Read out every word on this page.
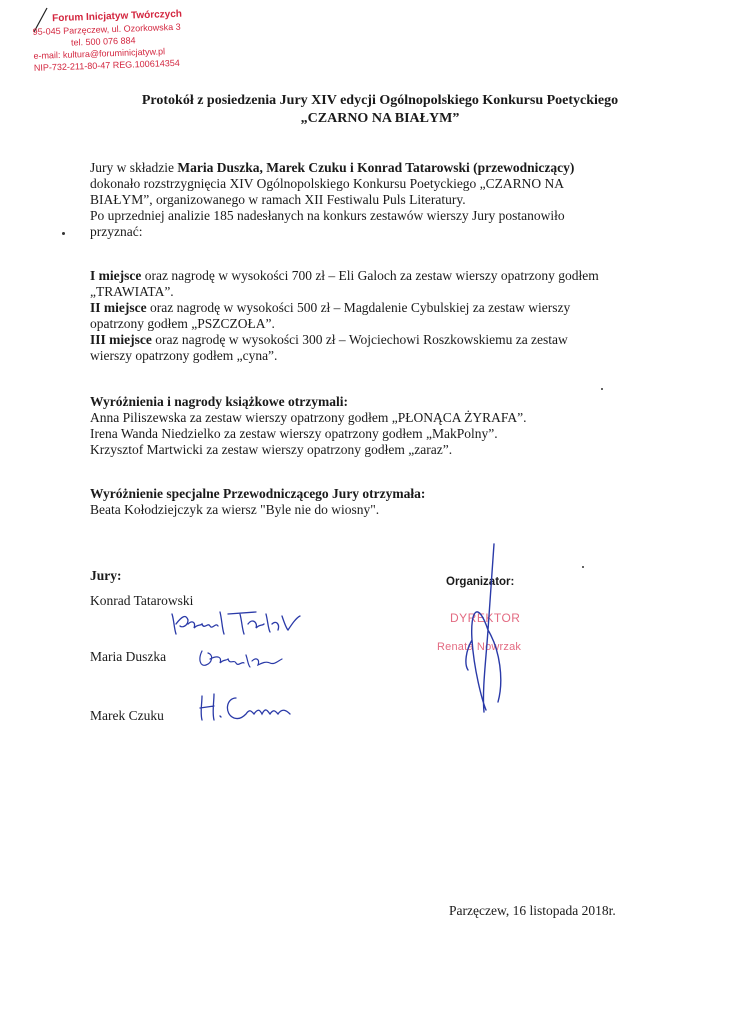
Forum Inicjatyw Twórczych
95-045 Parzęczew, ul. Ozorkowska 3
tel. 500 076 884
e-mail: kultura@foruminicjatyw.pl
NIP-732-211-80-47 REG.100614354
Protokół z posiedzenia Jury XIV edycji Ogólnopolskiego Konkursu Poetyckiego
„CZARNO NA BIAŁYM”

Jury w składzie Maria Duszka, Marek Czuku i Konrad Tatarowski (przewodniczący)

dokonało rozstrzygnięcia XIV Ogólnopolskiego Konkursu Poetyckiego „CZARNO NA

BIAŁYM”, organizowanego w ramach XII Festiwalu Puls Literatury.

Po uprzedniej analizie 185 nadesłanych na konkurs zestawów wierszy Jury postanowiło

przyznać:

I miejsce oraz nagrodę w wysokości 700 zł – Eli Galoch za zestaw wierszy opatrzony godłem

„TRAWIATA”.

II miejsce oraz nagrodę w wysokości 500 zł – Magdalenie Cybulskiej za zestaw wierszy

opatrzony godłem „PSZCZOŁA”.

III miejsce oraz nagrodę w wysokości 300 zł – Wojciechowi Roszkowskiemu za zestaw

wierszy opatrzony godłem „cyna”.

Wyróżnienia i nagrody książkowe otrzymali:

Anna Piliszewska za zestaw wierszy opatrzony godłem „PŁONĄCA ŻYRAFA”.

Irena Wanda Niedzielko za zestaw wierszy opatrzony godłem „MakPolny”.

Krzysztof Martwicki za zestaw wierszy opatrzony godłem „zaraz”.

Wyróżnienie specjalne Przewodniczącego Jury otrzymała:

Beata Kołodziejczyk za wiersz "Byle nie do wiosny".

Jury:
Konrad Tatarowski
Maria Duszka
Marek Czuku
Organizator:
DYREKTOR
Renata Nowrzak
Parzęczew, 16 listopada 2018r.
